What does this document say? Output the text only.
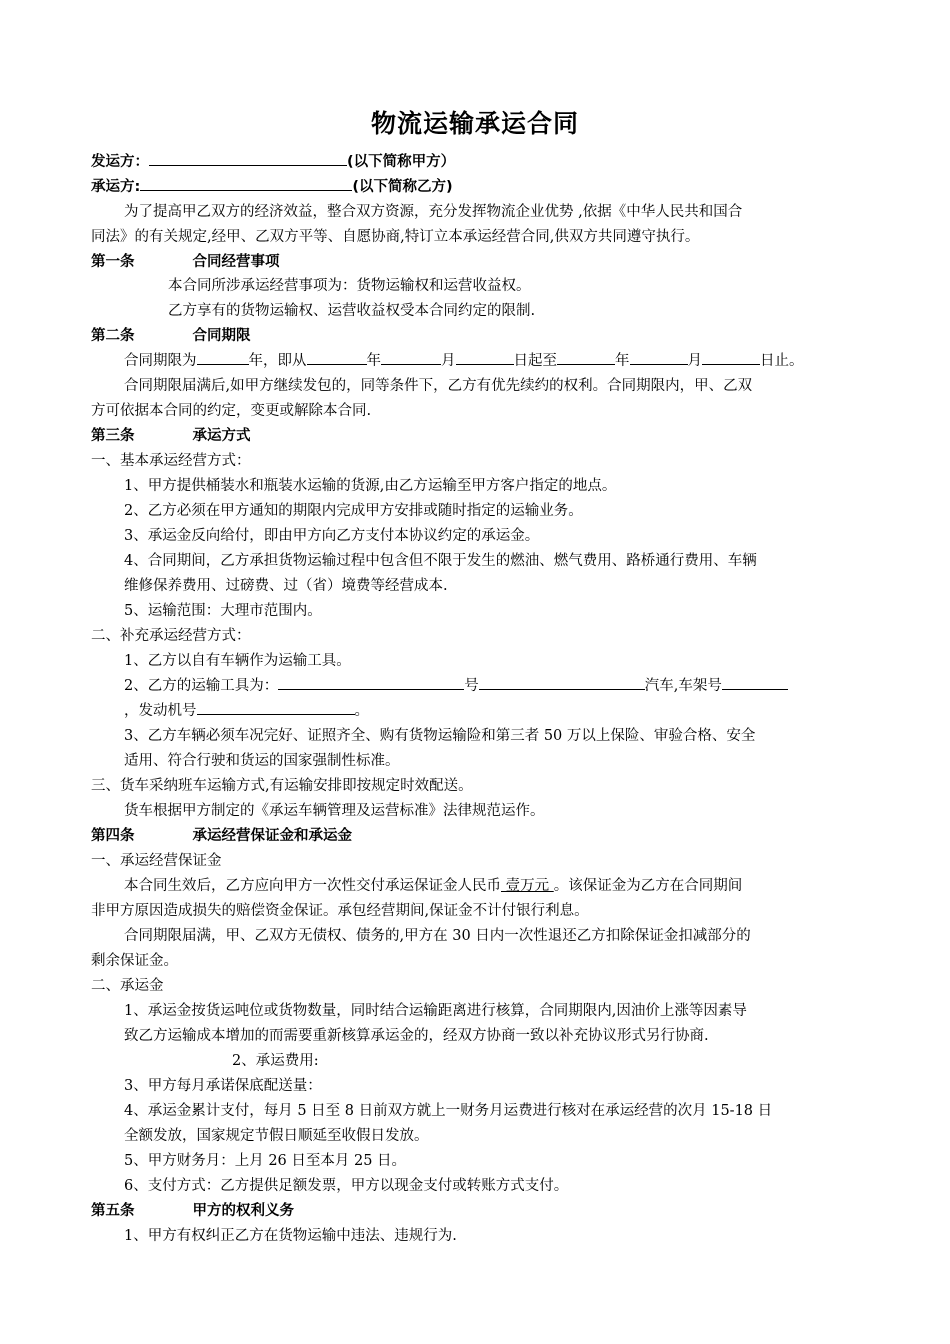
物流运输承运合同
发运方：	(以下简称甲方）
承运方:	(以下简称乙方)
为了提高甲乙双方的经济效益，整合双方资源，充分发挥物流企业优势 ,依据《中华人民共和国合
同法》的有关规定,经甲、乙双方平等、自愿协商,特订立本承运经营合同,供双方共同遵守执行。
第一条	合同经营事项
本合同所涉承运经营事项为：货物运输权和运营收益权。
乙方享有的货物运输权、运营收益权受本合同约定的限制.
第二条	合同期限
合同期限为	年，即从	年	月	日起至	年	月	日止。
合同期限届满后,如甲方继续发包的，同等条件下，乙方有优先续约的权利。合同期限内，甲、乙双
方可依据本合同的约定，变更或解除本合同.
第三条	承运方式
一、基本承运经营方式：
1、甲方提供桶装水和瓶装水运输的货源,由乙方运输至甲方客户指定的地点。
2、乙方必须在甲方通知的期限内完成甲方安排或随时指定的运输业务。
3、承运金反向给付，即由甲方向乙方支付本协议约定的承运金。
4、合同期间，乙方承担货物运输过程中包含但不限于发生的燃油、燃气费用、路桥通行费用、车辆
维修保养费用、过磅费、过（省）境费等经营成本.
5、运输范围：大理市范围内。
二、补充承运经营方式：
1、乙方以自有车辆作为运输工具。
2、乙方的运输工具为：	号	汽车,车架号
，发动机号	。
3、乙方车辆必须车况完好、证照齐全、购有货物运输险和第三者 50 万以上保险、审验合格、安全
适用、符合行驶和货运的国家强制性标准。
三、货车采纳班车运输方式,有运输安排即按规定时效配送。
货车根据甲方制定的《承运车辆管理及运营标准》法律规范运作。
第四条	承运经营保证金和承运金
一、承运经营保证金
本合同生效后，乙方应向甲方一次性交付承运保证金人民币 壹万元 。该保证金为乙方在合同期间
非甲方原因造成损失的赔偿资金保证。承包经营期间,保证金不计付银行利息。
合同期限届满，甲、乙双方无债权、债务的,甲方在 30 日内一次性退还乙方扣除保证金扣减部分的
剩余保证金。
二、承运金
1、承运金按货运吨位或货物数量，同时结合运输距离进行核算，合同期限内,因油价上涨等因素导
致乙方运输成本增加的而需要重新核算承运金的，经双方协商一致以补充协议形式另行协商.
2、承运费用:
3、甲方每月承诺保底配送量：
4、承运金累计支付，每月 5 日至 8 日前双方就上一财务月运费进行核对在承运经营的次月 15-18 日
全额发放，国家规定节假日顺延至收假日发放。
5、甲方财务月：上月 26 日至本月 25 日。
6、支付方式：乙方提供足额发票，甲方以现金支付或转账方式支付。
第五条	甲方的权利义务
1、甲方有权纠正乙方在货物运输中违法、违规行为.
